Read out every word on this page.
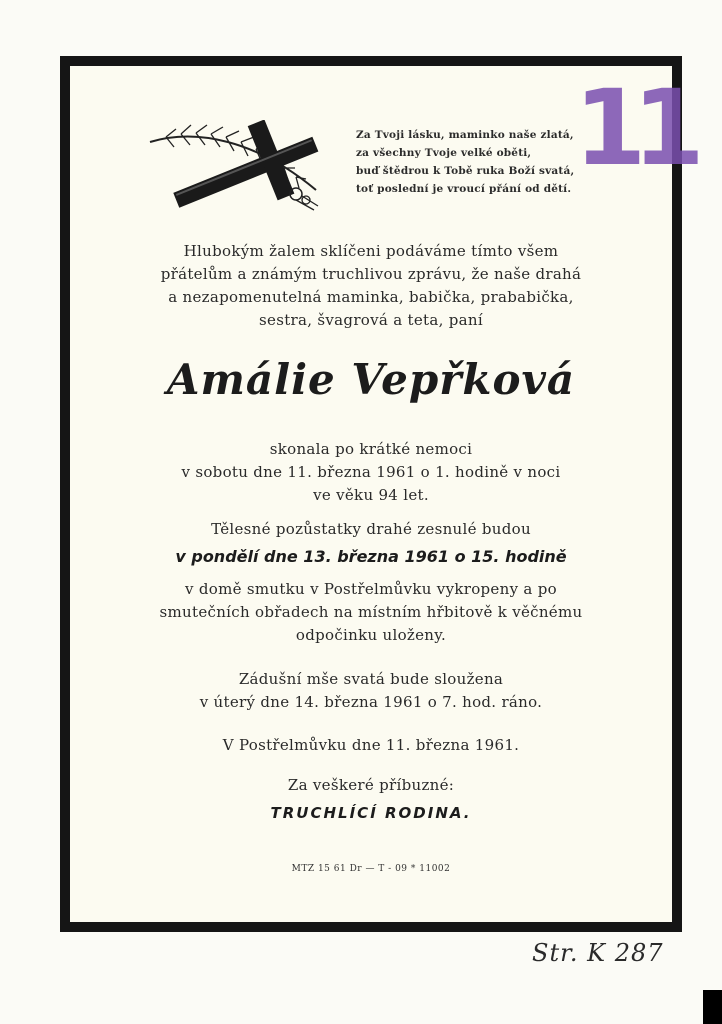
Za Tvoji lásku, maminko naše zlatá,
za všechny Tvoje velké oběti,
buď štědrou k Tobě ruka Boží svatá,
toť poslední je vroucí přání od dětí. 11
Hlubokým žalem sklíčeni podáváme tímto všem
přátelům a známým truchlivou zprávu, že naše drahá
a nezapomenutelná maminka, babička, prababička,
sestra, švagrová a teta, paní
Amálie Vepřková
skonala po krátké nemoci
v sobotu dne 11. března 1961 o 1. hodině v noci
ve věku 94 let.
Tělesné pozůstatky drahé zesnulé budou
v pondělí dne 13. března 1961 o 15. hodině
v domě smutku v Postřelmůvku vykropeny a po
smutečních obřadech na místním hřbitově k věčnému
odpočinku uloženy.
Zádušní mše svatá bude sloužena
v úterý dne 14. března 1961 o 7. hod. ráno.
V Postřelmůvku dne 11. března 1961.
Za veškeré příbuzné:
TRUCHLÍCÍ RODINA.
MTZ 15 61 Dr — T - 09 * 11002
Str. K 287
